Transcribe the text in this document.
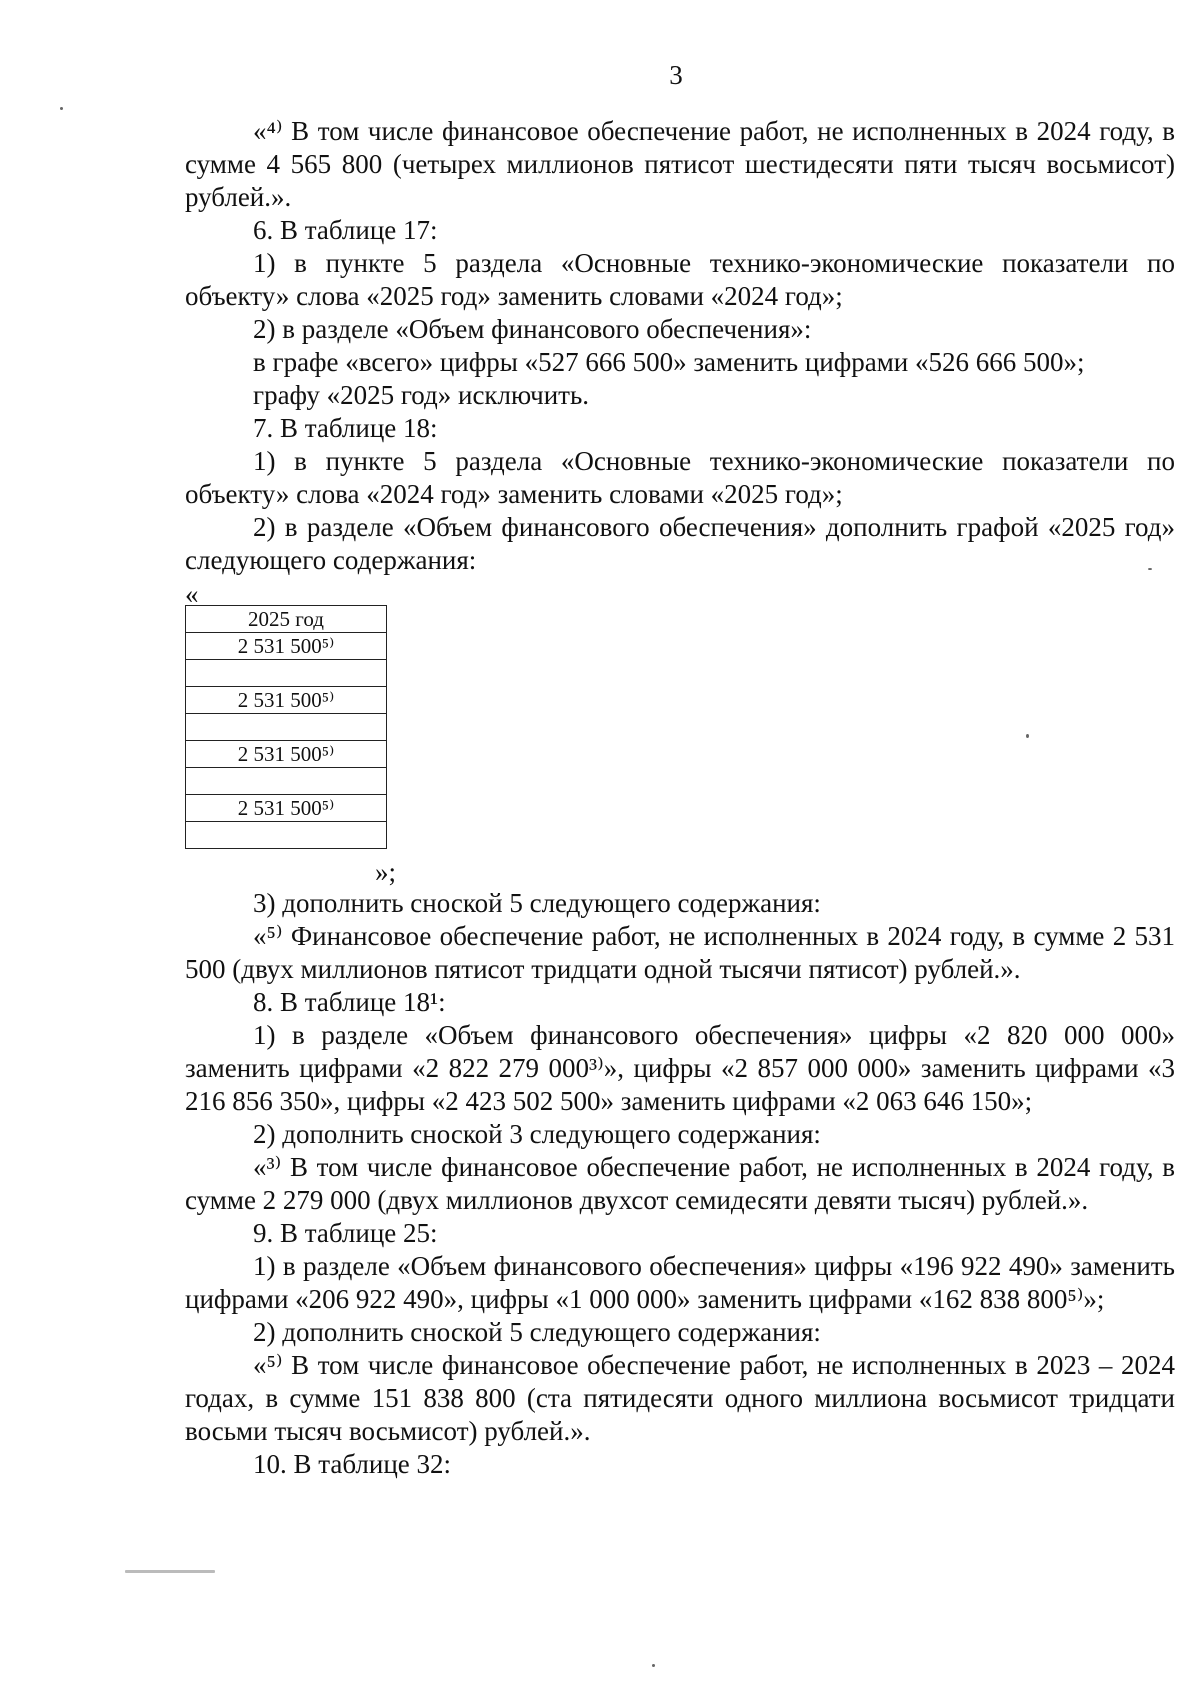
3

«⁴⁾ В том числе финансовое обеспечение работ, не исполненных в 2024 году, в сумме 4 565 800 (четырех миллионов пятисот шестидесяти пяти тысяч восьмисот) рублей.».

6. В таблице 17:

1) в пункте 5 раздела «Основные технико-экономические показатели по объекту» слова «2025 год» заменить словами «2024 год»;

2) в разделе «Объем финансового обеспечения»:

в графе «всего» цифры «527 666 500» заменить цифрами «526 666 500»;

графу «2025 год» исключить.

7. В таблице 18:

1) в пункте 5 раздела «Основные технико-экономические показатели по объекту» слова «2024 год» заменить словами «2025 год»;

2) в разделе «Объем финансового обеспечения» дополнить графой «2025 год» следующего содержания:

«

2025 год
2 531 500⁵⁾

2 531 500⁵⁾

2 531 500⁵⁾

2 531 500⁵⁾

»;

3) дополнить сноской 5 следующего содержания:

«⁵⁾ Финансовое обеспечение работ, не исполненных в 2024 году, в сумме 2 531 500 (двух миллионов пятисот тридцати одной тысячи пятисот) рублей.».

8. В таблице 18¹:

1) в разделе «Объем финансового обеспечения» цифры «2 820 000 000» заменить цифрами «2 822 279 000³⁾», цифры «2 857 000 000» заменить цифрами «3 216 856 350», цифры «2 423 502 500» заменить цифрами «2 063 646 150»;

2) дополнить сноской 3 следующего содержания:

«³⁾ В том числе финансовое обеспечение работ, не исполненных в 2024 году, в сумме 2 279 000 (двух миллионов двухсот семидесяти девяти тысяч) рублей.».

9. В таблице 25:

1) в разделе «Объем финансового обеспечения» цифры «196 922 490» заменить цифрами «206 922 490», цифры «1 000 000» заменить цифрами «162 838 800⁵⁾»;

2) дополнить сноской 5 следующего содержания:

«⁵⁾ В том числе финансовое обеспечение работ, не исполненных в 2023 – 2024 годах, в сумме 151 838 800 (ста пятидесяти одного миллиона восьмисот тридцати восьми тысяч восьмисот) рублей.».

10. В таблице 32:
